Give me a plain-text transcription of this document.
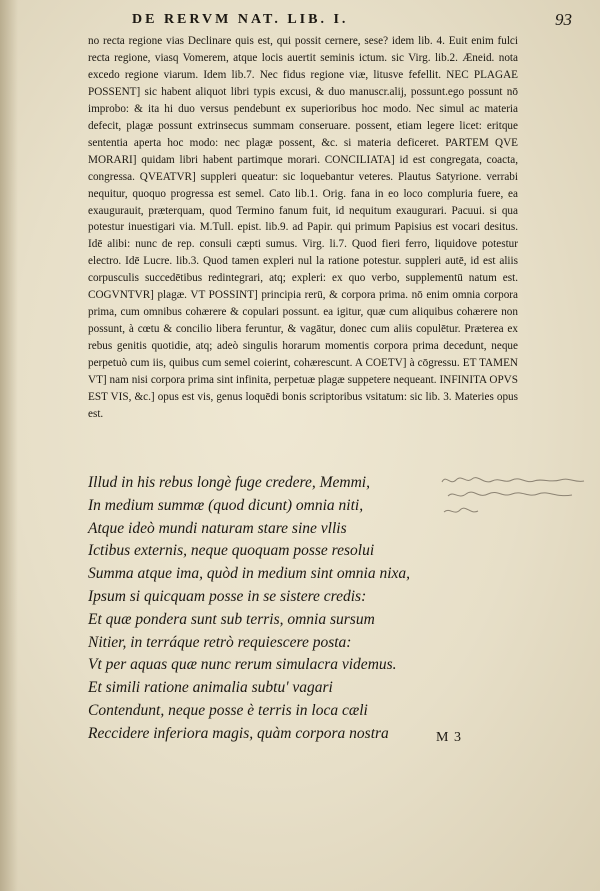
DE RERVM NAT. LIB. I.	93

no recta regione vias Declinare quis est, qui possit cernere, sese? idem lib. 4. Euit enim fulci recta regione, viasq Vomerem, atque locis auertit seminis ictum. sic Virg. lib.2. Æneid. nota excedo regione viarum. Idem lib.7. Nec fidus regione viæ, litusve fefellit. NEC PLAGAE POSSENT] sic habent aliquot libri typis excusi, & duo manuscr.alij, possunt.ego possunt nō improbo: & ita hi duo versus pendebunt ex superioribus hoc modo. Nec simul ac materia defecit, plagæ possunt extrinsecus summam conseruare. possent, etiam legere licet: eritque sententia aperta hoc modo: nec plagæ possent, &c. si materia deficeret. PARTEM QVE MORARI] quidam libri habent partimque morari. CONCILIATA] id est congregata, coacta, congressa. QVEATVR] suppleri queatur: sic loquebantur veteres. Plautus Satyrione. verrabi nequitur, quoquo progressa est semel. Cato lib.1. Orig. fana in eo loco compluria fuere, ea exaugurauit, præterquam, quod Termino fanum fuit, id nequitum exaugurari. Pacuui. si qua potestur inuestigari via. M.Tull. epist. lib.9. ad Papir. qui primum Papisius est vocari desitus. Idē alibi: nunc de rep. consuli cæpti sumus. Virg. li.7. Quod fieri ferro, liquidove potestur electro. Idē Lucre. lib.3. Quod tamen expleri nul la ratione potestur. suppleri autē, id est aliis corpusculis succedētibus redintegrari, atq; expleri: ex quo verbo, supplementū natum est. COGVNTVR] plagæ. VT POSSINT] principia rerū, & corpora prima. nō enim omnia corpora prima, cum omnibus cohærere & copulari possunt. ea igitur, quæ cum aliquibus cohærere non possunt, à cœtu & concilio libera feruntur, & vagātur, donec cum aliis copulētur. Præterea ex rebus genitis quotidie, atq; adeò singulis horarum momentis corpora prima decedunt, neque perpetuò cum iis, quibus cum semel coierint, cohærescunt. A COETV] à cōgressu. ET TAMEN VT] nam nisi corpora prima sint infinita, perpetuæ plagæ suppetere nequeant. INFINITA OPVS EST VIS, &c.] opus est vis, genus loquēdi bonis scriptoribus vsitatum: sic lib. 3. Materies opus est.

Illud in his rebus longè fuge credere, Memmi,
In medium summæ (quod dicunt) omnia niti,
Atque ideò mundi naturam stare sine vllis
Ictibus externis, neque quoquam posse resolui
Summa atque ima, quòd in medium sint omnia nixa,
Ipsum si quicquam posse in se sistere credis:
Et quæ pondera sunt sub terris, omnia sursum
Nitier, in terráque retrò requiescere posta:
Vt per aquas quæ nunc rerum simulacra videmus.
Et simili ratione animalia subtu' vagari
Contendunt, neque posse è terris in loca cæli
Reccidere inferiora magis, quàm corpora nostra	M 3
